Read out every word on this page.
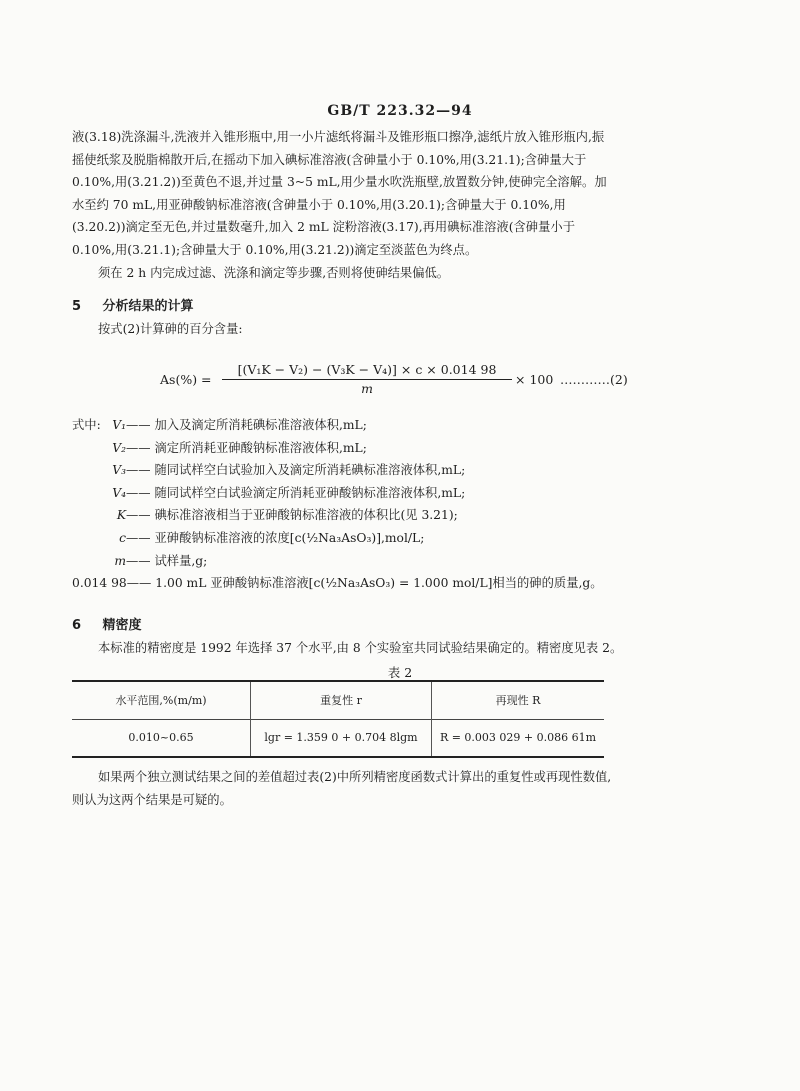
GB/T 223.32—94
液(3.18)洗涤漏斗,洗液并入锥形瓶中,用一小片滤纸将漏斗及锥形瓶口擦净,滤纸片放入锥形瓶内,振
摇使纸浆及脱脂棉散开后,在摇动下加入碘标准溶液(含砷量小于 0.10%,用(3.21.1);含砷量大于
0.10%,用(3.21.2))至黄色不退,并过量 3~5 mL,用少量水吹洗瓶壁,放置数分钟,使砷完全溶解。加
水至约 70 mL,用亚砷酸钠标准溶液(含砷量小于 0.10%,用(3.20.1);含砷量大于 0.10%,用
(3.20.2))滴定至无色,并过量数毫升,加入 2 mL 淀粉溶液(3.17),再用碘标准溶液(含砷量小于
0.10%,用(3.21.1);含砷量大于 0.10%,用(3.21.2))滴定至淡蓝色为终点。
须在 2 h 内完成过滤、洗涤和滴定等步骤,否则将使砷结果偏低。
5 分析结果的计算
按式(2)计算砷的百分含量:
As(%) =
[(V₁K − V₂) − (V₃K − V₄)] × c × 0.014 98
m
× 100 …………(2)
式中: V₁—— 加入及滴定所消耗碘标准溶液体积,mL;
V₂—— 滴定所消耗亚砷酸钠标准溶液体积,mL;
V₃—— 随同试样空白试验加入及滴定所消耗碘标准溶液体积,mL;
V₄—— 随同试样空白试验滴定所消耗亚砷酸钠标准溶液体积,mL;
K—— 碘标准溶液相当于亚砷酸钠标准溶液的体积比(见 3.21);
c—— 亚砷酸钠标准溶液的浓度[c(½Na₃AsO₃)],mol/L;
m—— 试样量,g;
0.014 98—— 1.00 mL 亚砷酸钠标准溶液[c(½Na₃AsO₃) = 1.000 mol/L]相当的砷的质量,g。
6 精密度
本标准的精密度是 1992 年选择 37 个水平,由 8 个实验室共同试验结果确定的。精密度见表 2。
表 2
水平范围,%(m/m)	重复性 r	再现性 R
0.010~0.65	lgr = 1.359 0 + 0.704 8lgm	R = 0.003 029 + 0.086 61m
如果两个独立测试结果之间的差值超过表(2)中所列精密度函数式计算出的重复性或再现性数值,
则认为这两个结果是可疑的。
